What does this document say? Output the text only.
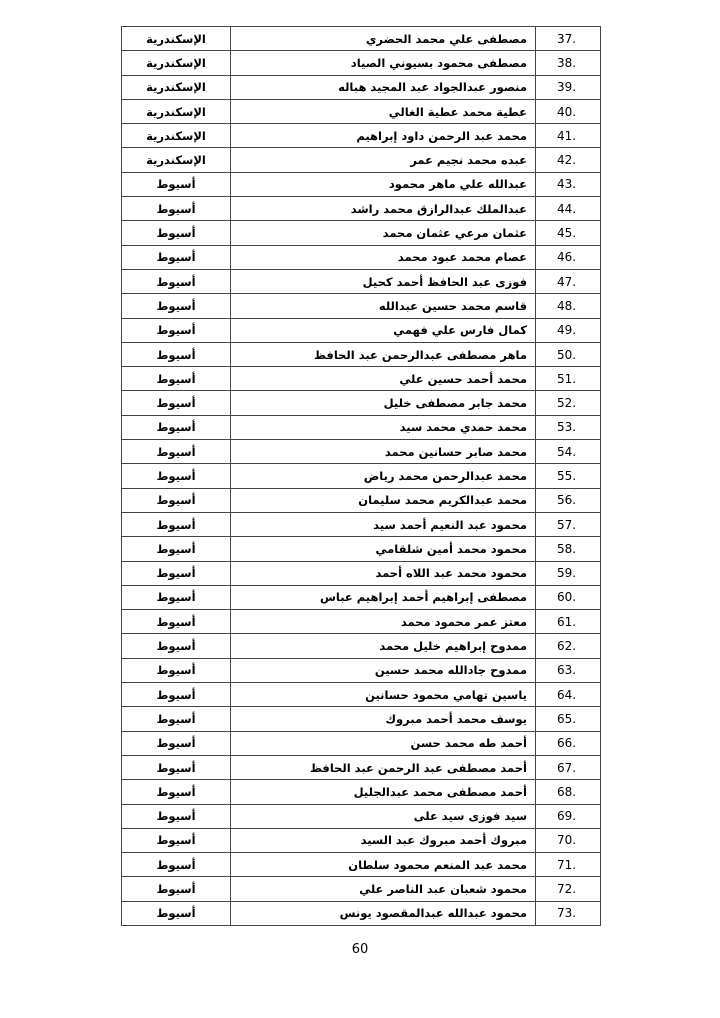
الإسكندرية	مصطفى علي محمد الحضري	37.
الإسكندرية	مصطفى محمود بسيوني الصياد	38.
الإسكندرية	منصور عبدالجواد عبد المجيد هباله	39.
الإسكندرية	عطية محمد عطية الغالي	40.
الإسكندرية	محمد عبد الرحمن داود إبراهيم	41.
الإسكندرية	عبده محمد نجيم عمر	42.
أسيوط	عبدالله علي ماهر محمود	43.
أسيوط	عبدالملك عبدالرازق محمد راشد	44.
أسيوط	عثمان مرعي عثمان محمد	45.
أسيوط	عصام محمد عبود محمد	46.
أسيوط	فوزى عبد الحافظ أحمد كحيل	47.
أسيوط	قاسم محمد حسين عبدالله	48.
أسيوط	كمال فارس علي فهمي	49.
أسيوط	ماهر مصطفى عبدالرحمن عبد الحافظ	50.
أسيوط	محمد أحمد حسين علي	51.
أسيوط	محمد جابر مصطفى خليل	52.
أسيوط	محمد حمدي محمد سيد	53.
أسيوط	محمد صابر حسانين محمد	54.
أسيوط	محمد عبدالرحمن محمد رياض	55.
أسيوط	محمد عبدالكريم محمد سليمان	56.
أسيوط	محمود عبد النعيم أحمد سيد	57.
أسيوط	محمود محمد أمين شلقامي	58.
أسيوط	محمود محمد عبد اللاه أحمد	59.
أسيوط	مصطفى إبراهيم أحمد إبراهيم عباس	60.
أسيوط	معتز عمر محمود محمد	61.
أسيوط	ممدوح إبراهيم خليل محمد	62.
أسيوط	ممدوح جادالله محمد حسين	63.
أسيوط	ياسين تهامي محمود حسانين	64.
أسيوط	يوسف محمد أحمد مبروك	65.
أسيوط	أحمد طه محمد حسن	66.
أسيوط	أحمد مصطفى عبد الرحمن عبد الحافظ	67.
أسيوط	أحمد مصطفى محمد عبدالجليل	68.
أسيوط	سيد فوزى سيد على	69.
أسيوط	مبروك أحمد مبروك عبد السيد	70.
أسيوط	محمد عبد المنعم محمود سلطان	71.
أسيوط	محمود شعبان عبد الناصر علي	72.
أسيوط	محمود عبدالله عبدالمقصود يونس	73.
60
